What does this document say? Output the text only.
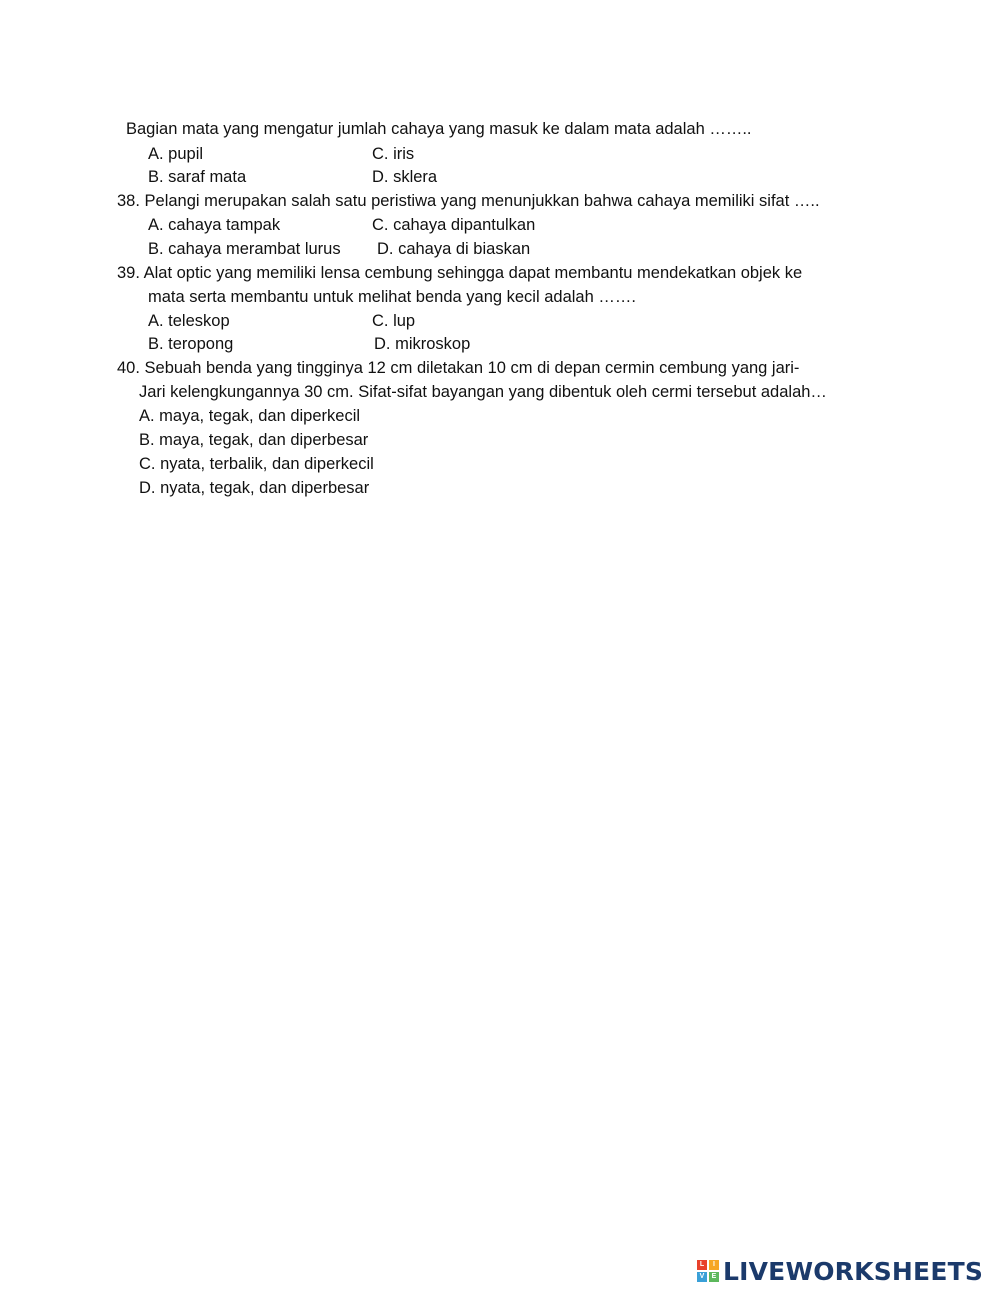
Bagian mata yang mengatur jumlah cahaya yang masuk ke dalam mata adalah ……..
A. pupil	C. iris
B. saraf mata	D. sklera
38. Pelangi merupakan salah satu peristiwa yang menunjukkan bahwa cahaya memiliki sifat …..
A. cahaya tampak	C. cahaya dipantulkan
B. cahaya merambat lurus D. cahaya di biaskan
39. Alat optic yang memiliki lensa cembung sehingga dapat membantu mendekatkan objek ke
mata serta membantu untuk melihat benda yang kecil adalah …….
A. teleskop	C. lup
B. teropong	D. mikroskop
40. Sebuah benda yang tingginya 12 cm diletakan 10 cm di depan cermin cembung yang jari-
Jari kelengkungannya 30 cm. Sifat-sifat bayangan yang dibentuk oleh cermi tersebut adalah…
A. maya, tegak, dan diperkecil
B. maya, tegak, dan diperbesar
C. nyata, terbalik, dan diperkecil
D. nyata, tegak, dan diperbesar
L	I
V	E LIVEWORKSHEETS
